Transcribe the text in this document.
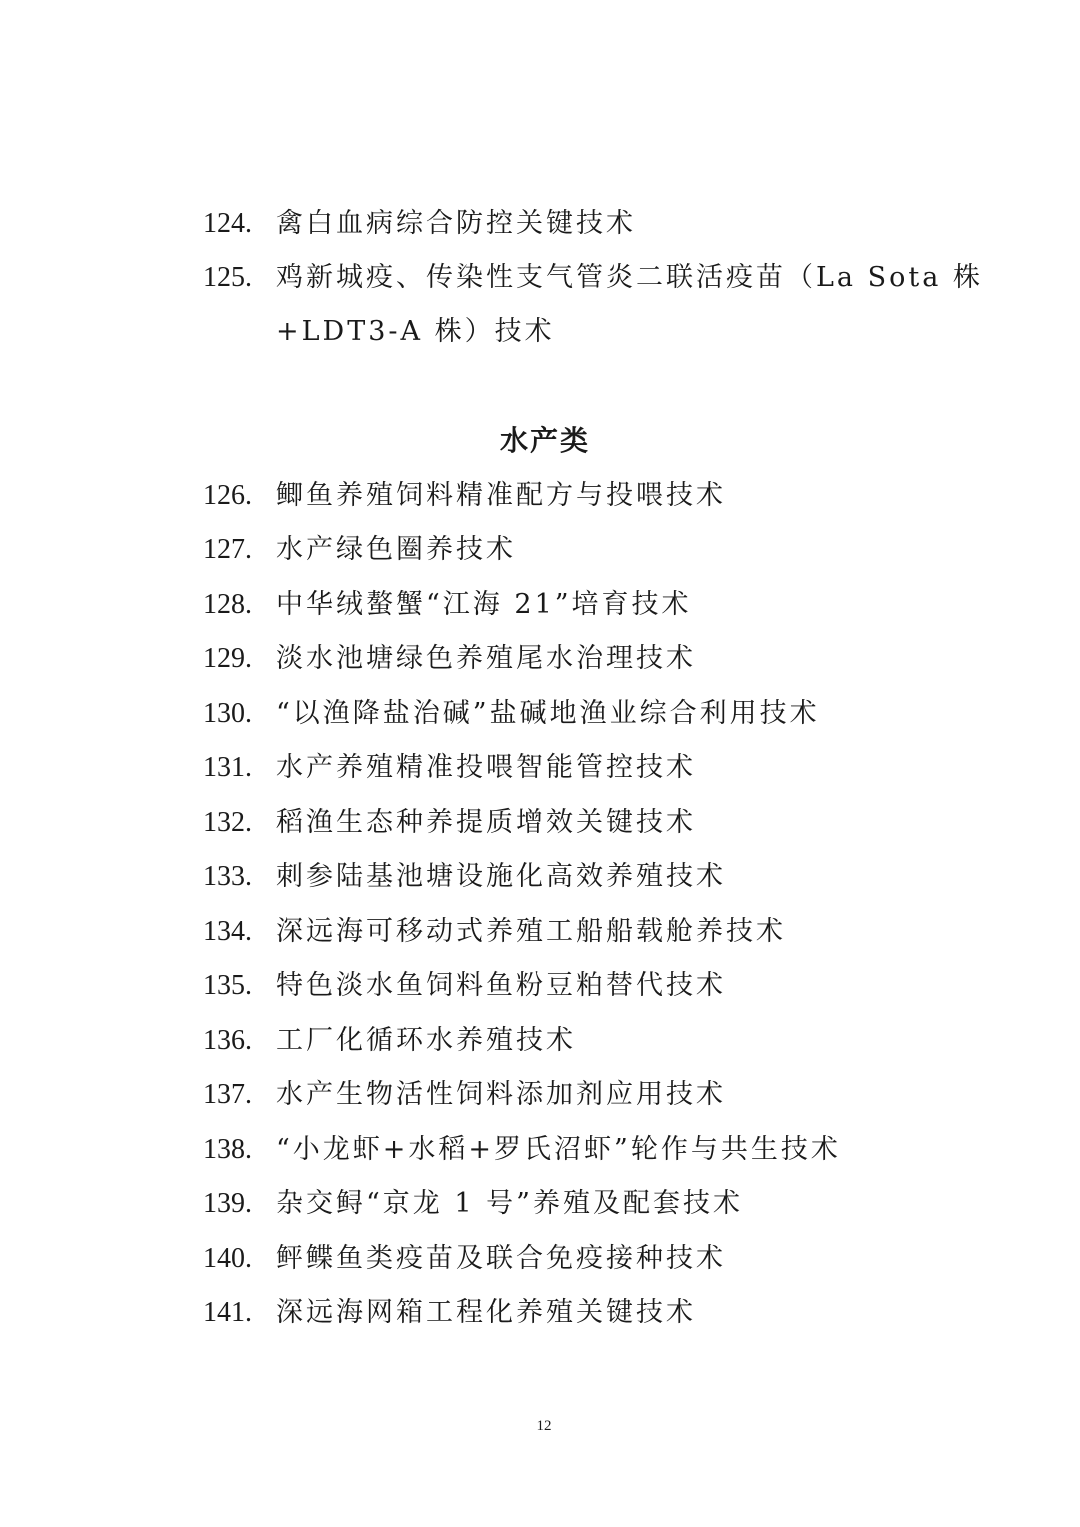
124. 禽白血病综合防控关键技术
125. 鸡新城疫、传染性支气管炎二联活疫苗（La Sota 株
+LDT3-A 株）技术
水产类
126. 鲫鱼养殖饲料精准配方与投喂技术
127. 水产绿色圈养技术
128. 中华绒螯蟹“江海 21”培育技术
129. 淡水池塘绿色养殖尾水治理技术
130. “以渔降盐治碱”盐碱地渔业综合利用技术
131. 水产养殖精准投喂智能管控技术
132. 稻渔生态种养提质增效关键技术
133. 刺参陆基池塘设施化高效养殖技术
134. 深远海可移动式养殖工船船载舱养技术
135. 特色淡水鱼饲料鱼粉豆粕替代技术
136. 工厂化循环水养殖技术
137. 水产生物活性饲料添加剂应用技术
138. “小龙虾+水稻+罗氏沼虾”轮作与共生技术
139. 杂交鲟“京龙 1 号”养殖及配套技术
140. 鲆鲽鱼类疫苗及联合免疫接种技术
141. 深远海网箱工程化养殖关键技术
12
